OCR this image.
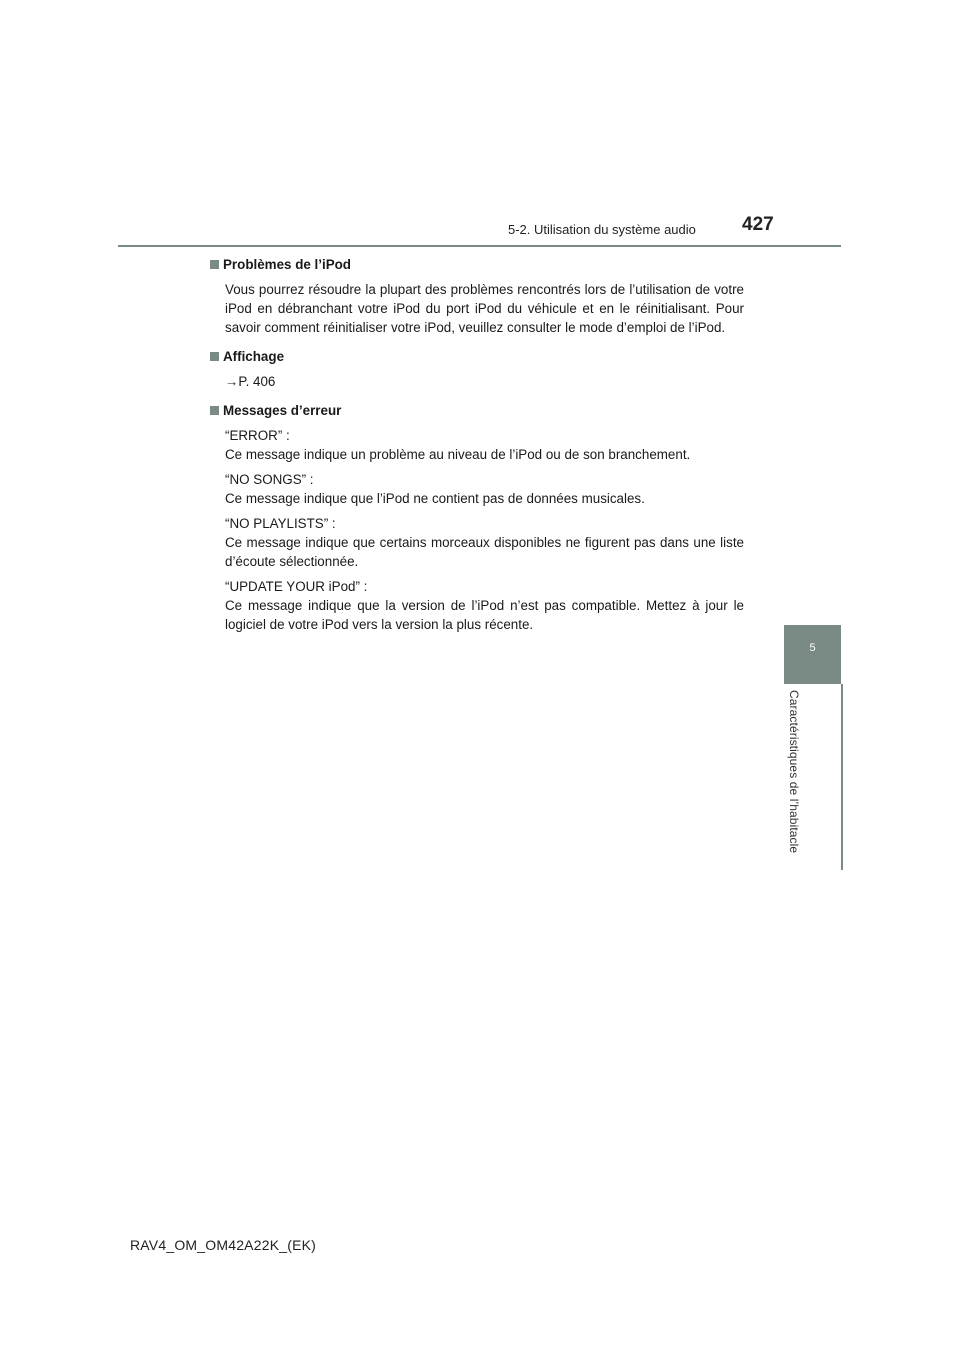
5-2. Utilisation du système audio 427
5
Caractéristiques de l’habitacle
Problèmes de l’iPod
Vous pourrez résoudre la plupart des problèmes rencontrés lors de l’utilisation de votre iPod en débranchant votre iPod du port iPod du véhicule et en le réinitialisant. Pour savoir comment réinitialiser votre iPod, veuillez consulter le mode d’emploi de l’iPod.
Affichage
→P. 406
Messages d’erreur
“ERROR” :
Ce message indique un problème au niveau de l’iPod ou de son branchement.
“NO SONGS” :
Ce message indique que l’iPod ne contient pas de données musicales.
“NO PLAYLISTS” :
Ce message indique que certains morceaux disponibles ne figurent pas dans une liste d’écoute sélectionnée.
“UPDATE YOUR iPod” :
Ce message indique que la version de l’iPod n’est pas compatible. Mettez à jour le logiciel de votre iPod vers la version la plus récente.
RAV4_OM_OM42A22K_(EK)
